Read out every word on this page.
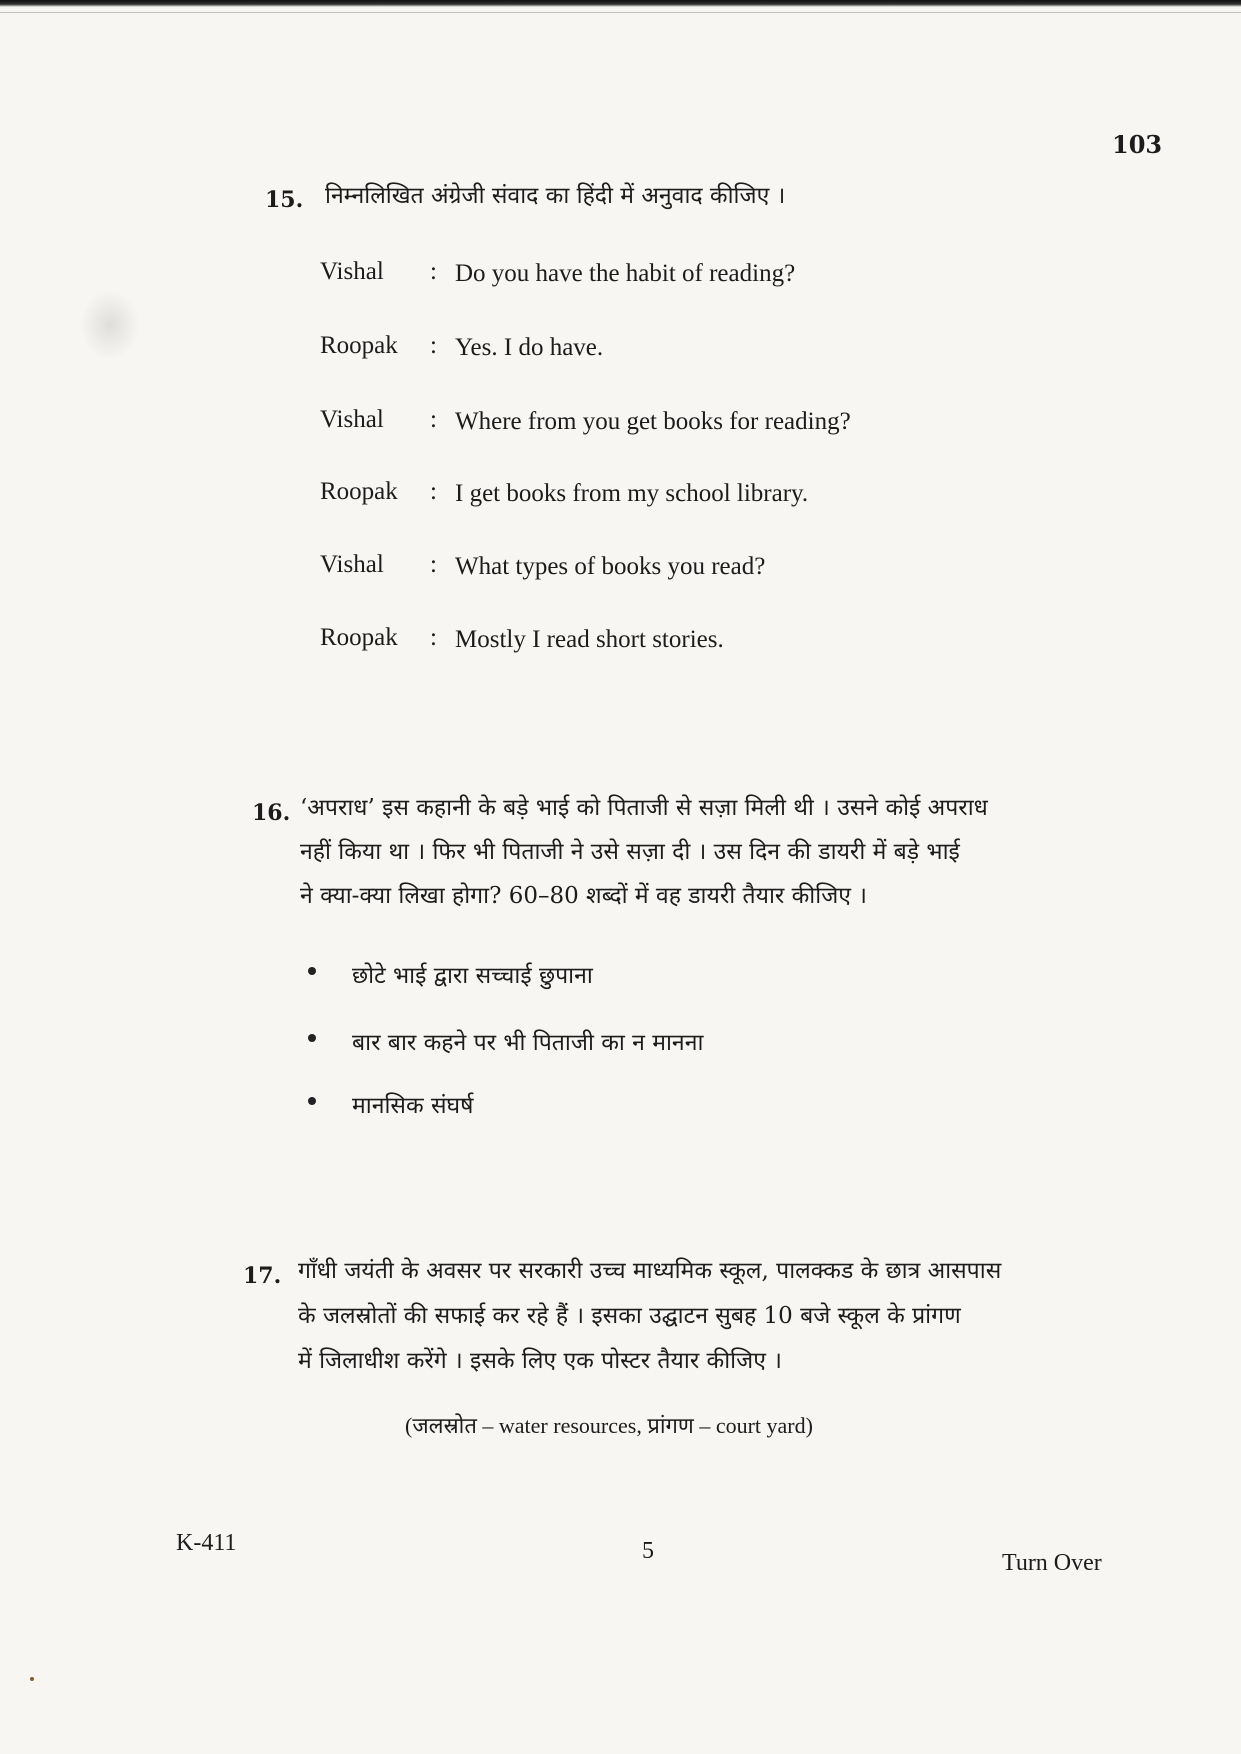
103
15. निम्नलिखित अंग्रेजी संवाद का हिंदी में अनुवाद कीजिए ।
Vishal : Do you have the habit of reading?
Roopak : Yes. I do have.
Vishal : Where from you get books for reading?
Roopak : I get books from my school library.
Vishal : What types of books you read?
Roopak : Mostly I read short stories.
16. ‘अपराध’ इस कहानी के बड़े भाई को पिताजी से सज़ा मिली थी । उसने कोई अपराध
नहीं किया था । फिर भी पिताजी ने उसे सज़ा दी । उस दिन की डायरी में बड़े भाई
ने क्या-क्या लिखा होगा? 60–80 शब्दों में वह डायरी तैयार कीजिए ।
छोटे भाई द्वारा सच्चाई छुपाना
बार बार कहने पर भी पिताजी का न मानना
मानसिक संघर्ष
17. गाँधी जयंती के अवसर पर सरकारी उच्च माध्यमिक स्कूल, पालक्कड के छात्र आसपास
के जलस्रोतों की सफाई कर रहे हैं । इसका उद्घाटन सुबह 10 बजे स्कूल के प्रांगण
में जिलाधीश करेंगे । इसके लिए एक पोस्टर तैयार कीजिए ।
(जलस्रोत – water resources, प्रांगण – court yard)
K-411	5	Turn Over
